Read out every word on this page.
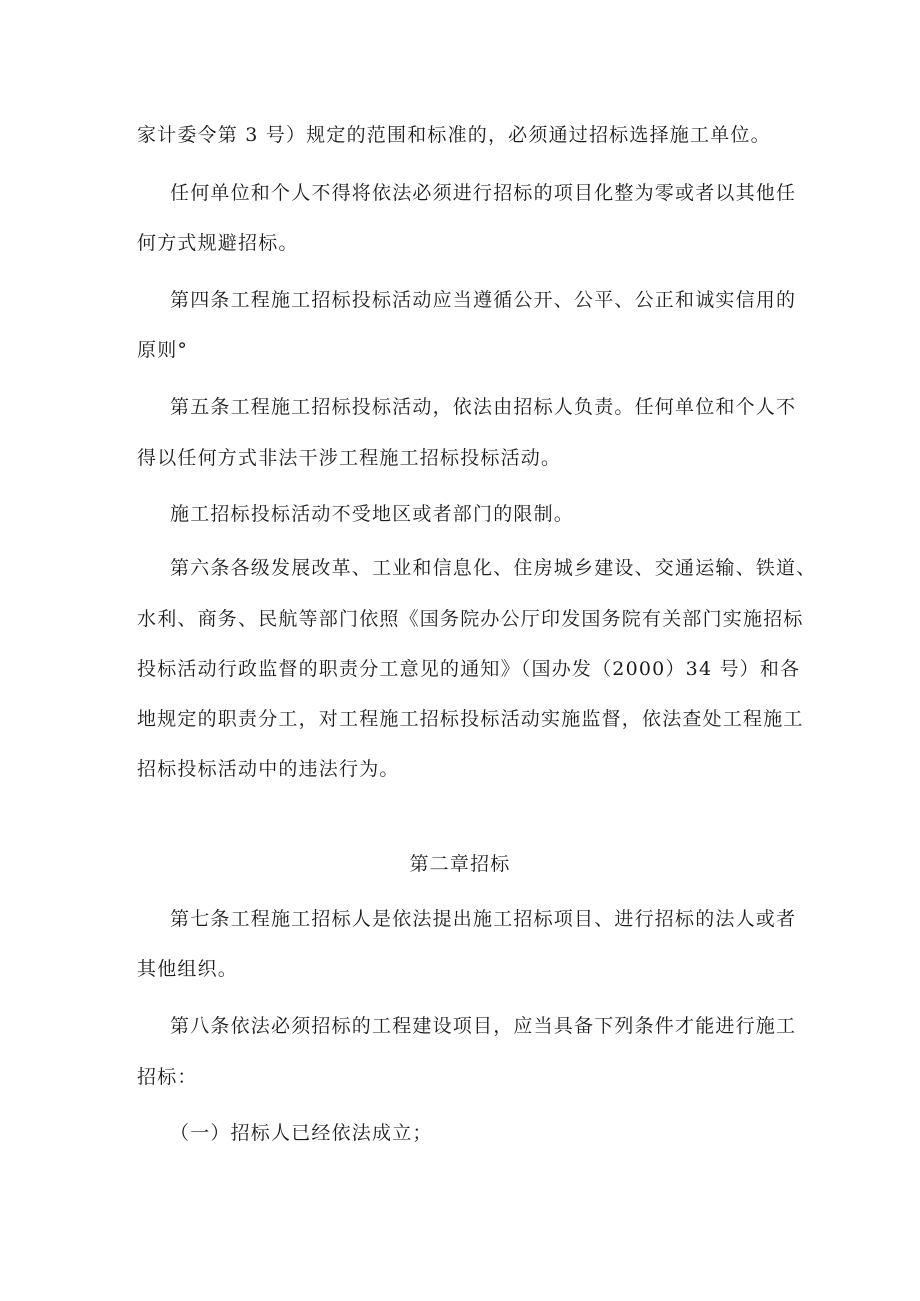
家计委令第 3 号）规定的范围和标准的，必须通过招标选择施工单位。
任何单位和个人不得将依法必须进行招标的项目化整为零或者以其他任
何方式规避招标。
第四条工程施工招标投标活动应当遵循公开、公平、公正和诚实信用的
原则°
第五条工程施工招标投标活动，依法由招标人负责。任何单位和个人不
得以任何方式非法干涉工程施工招标投标活动。
施工招标投标活动不受地区或者部门的限制。
第六条各级发展改革、工业和信息化、住房城乡建设、交通运输、铁道、
水利、商务、民航等部门依照《国务院办公厅印发国务院有关部门实施招标
投标活动行政监督的职责分工意见的通知》（国办发（2000）34 号）和各
地规定的职责分工，对工程施工招标投标活动实施监督，依法查处工程施工
招标投标活动中的违法行为。
第二章招标
第七条工程施工招标人是依法提出施工招标项目、进行招标的法人或者
其他组织。
第八条依法必须招标的工程建设项目，应当具备下列条件才能进行施工
招标：
（一）招标人已经依法成立；
